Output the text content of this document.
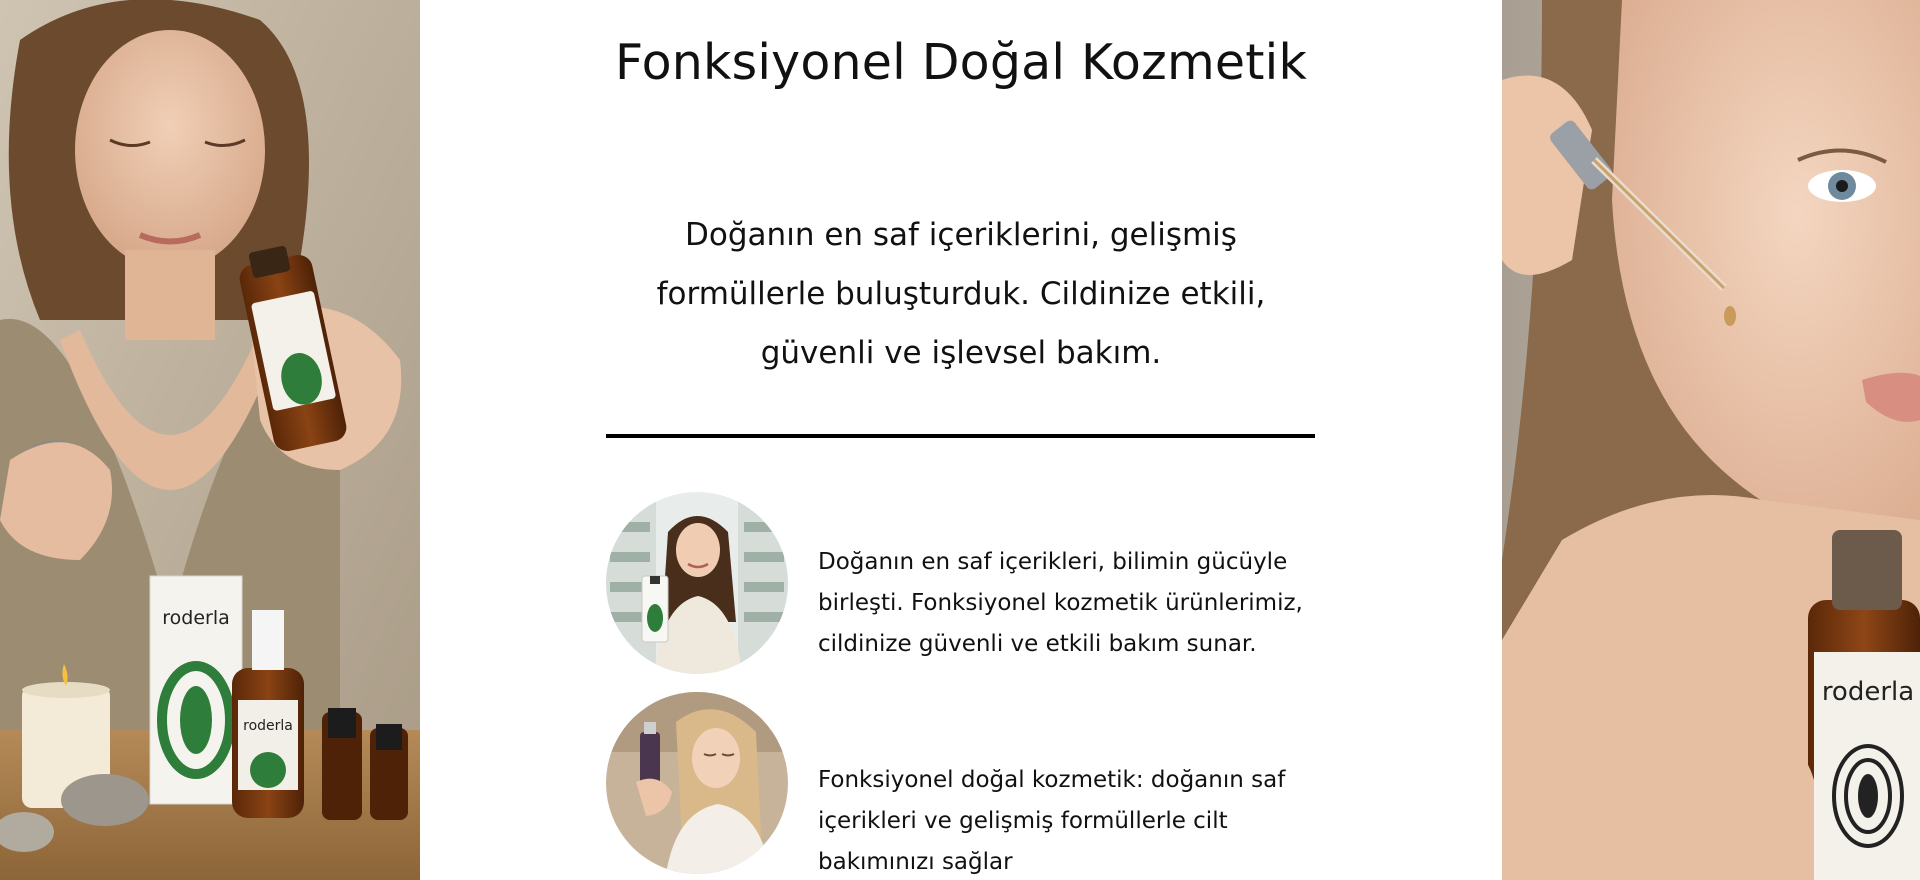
roderla
roderla
Fonksiyonel Doğal Kozmetik

Doğanın en saf içeriklerini, gelişmiş formüllerle buluşturduk. Cildinize etkili, güvenli ve işlevsel bakım.

Doğanın en saf içerikleri, bilimin gücüyle birleşti. Fonksiyonel kozmetik ürünlerimiz, cildinize güvenli ve etkili bakım sunar.

Fonksiyonel doğal kozmetik: doğanın saf içerikleri ve gelişmiş formüllerle cilt bakımınızı sağlar

roderla
